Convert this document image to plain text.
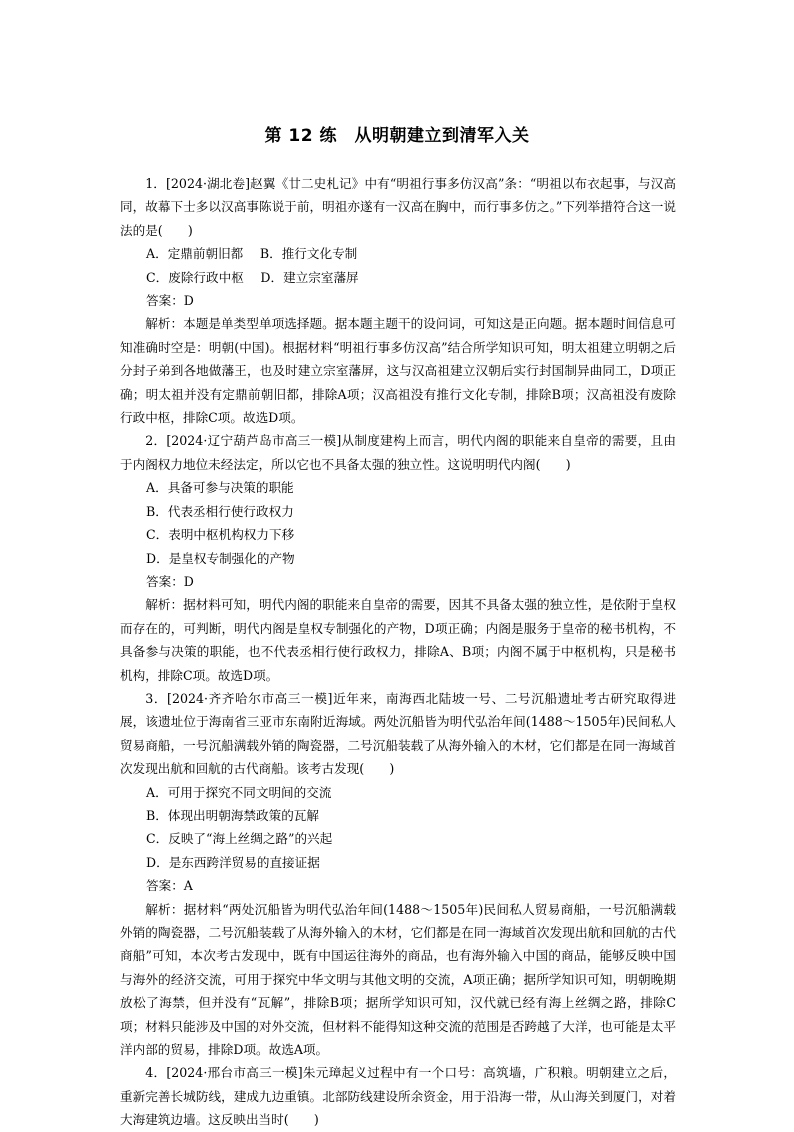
第 12 练　从明朝建立到清军入关

1．[2024·湖北卷]赵翼《廿二史札记》中有“明祖行事多仿汉高”条：“明祖以布衣起事，与汉高同，故幕下士多以汉高事陈说于前，明祖亦遂有一汉高在胸中，而行事多仿之。”下列举措符合这一说法的是(　　)

A．定鼎前朝旧都　 B．推行文化专制

C．废除行政中枢　 D．建立宗室藩屏

答案：D

解析：本题是单类型单项选择题。据本题主题干的设问词，可知这是正向题。据本题时间信息可知准确时空是：明朝(中国)。根据材料“明祖行事多仿汉高”结合所学知识可知，明太祖建立明朝之后分封子弟到各地做藩王，也及时建立宗室藩屏，这与汉高祖建立汉朝后实行封国制异曲同工，D项正确；明太祖并没有定鼎前朝旧都，排除A项；汉高祖没有推行文化专制，排除B项；汉高祖没有废除行政中枢，排除C项。故选D项。

2．[2024·辽宁葫芦岛市高三一模]从制度建构上而言，明代内阁的职能来自皇帝的需要，且由于内阁权力地位未经法定，所以它也不具备太强的独立性。这说明明代内阁(　　)

A．具备可参与决策的职能

B．代表丞相行使行政权力

C．表明中枢机构权力下移

D．是皇权专制强化的产物

答案：D

解析：据材料可知，明代内阁的职能来自皇帝的需要，因其不具备太强的独立性，是依附于皇权而存在的，可判断，明代内阁是皇权专制强化的产物，D项正确；内阁是服务于皇帝的秘书机构，不具备参与决策的职能，也不代表丞相行使行政权力，排除A、B项；内阁不属于中枢机构，只是秘书机构，排除C项。故选D项。

3．[2024·齐齐哈尔市高三一模]近年来，南海西北陆坡一号、二号沉船遗址考古研究取得进展，该遗址位于海南省三亚市东南附近海域。两处沉船皆为明代弘治年间(1488～1505年)民间私人贸易商船，一号沉船满载外销的陶瓷器，二号沉船装载了从海外输入的木材，它们都是在同一海域首次发现出航和回航的古代商船。该考古发现(　　)

A．可用于探究不同文明间的交流

B．体现出明朝海禁政策的瓦解

C．反映了“海上丝绸之路”的兴起

D．是东西跨洋贸易的直接证据

答案：A

解析：据材料“两处沉船皆为明代弘治年间(1488～1505年)民间私人贸易商船，一号沉船满载外销的陶瓷器，二号沉船装载了从海外输入的木材，它们都是在同一海域首次发现出航和回航的古代商船”可知，本次考古发现中，既有中国运往海外的商品，也有海外输入中国的商品，能够反映中国与海外的经济交流，可用于探究中华文明与其他文明的交流，A项正确；据所学知识可知，明朝晚期放松了海禁，但并没有“瓦解”，排除B项；据所学知识可知，汉代就已经有海上丝绸之路，排除C项；材料只能涉及中国的对外交流，但材料不能得知这种交流的范围是否跨越了大洋，也可能是太平洋内部的贸易，排除D项。故选A项。

4．[2024·邢台市高三一模]朱元璋起义过程中有一个口号：高筑墙，广积粮。明朝建立之后，重新完善长城防线，建成九边重镇。北部防线建设所余资金，用于沿海一带，从山海关到厦门，对着大海建筑边墙。这反映出当时(　　)
